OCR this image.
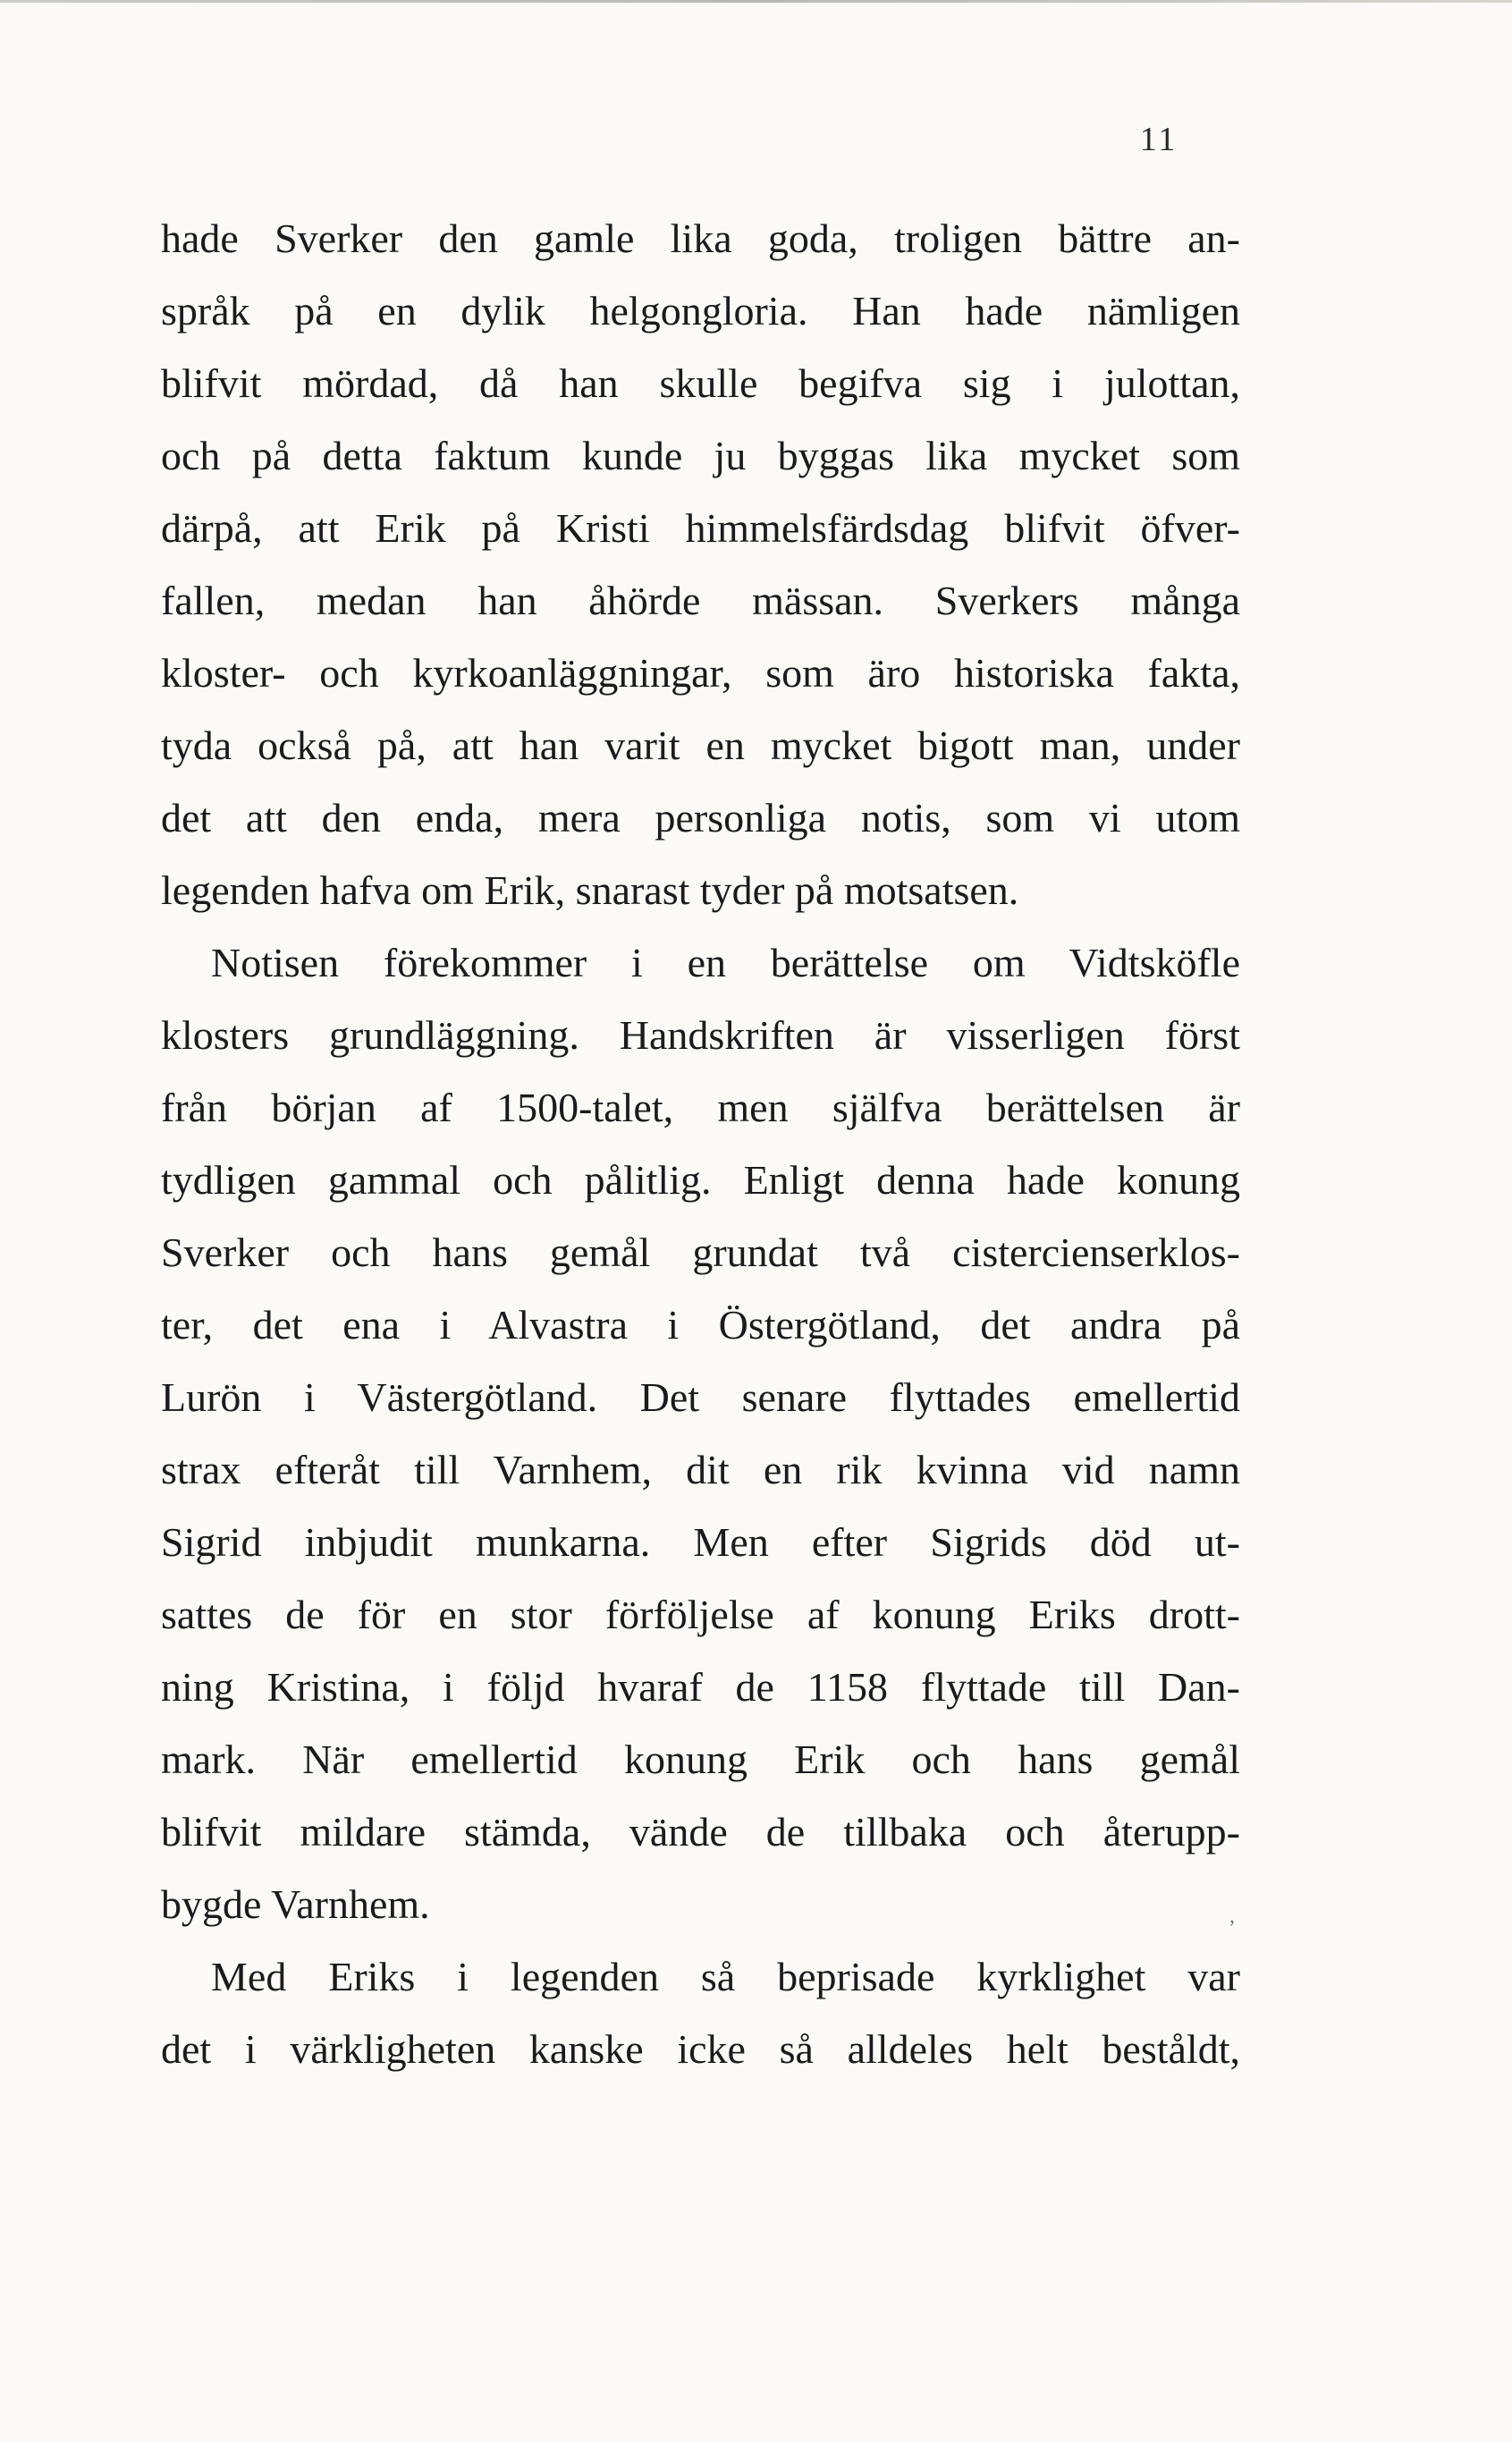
11
hade Sverker den gamle lika goda, troligen bättre an-
språk på en dylik helgongloria. Han hade nämligen
blifvit mördad, då han skulle begifva sig i julottan,
och på detta faktum kunde ju byggas lika mycket som
därpå, att Erik på Kristi himmelsfärdsdag blifvit öfver-
fallen, medan han åhörde mässan. Sverkers många
kloster- och kyrkoanläggningar, som äro historiska fakta,
tyda också på, att han varit en mycket bigott man, under
det att den enda, mera personliga notis, som vi utom
legenden hafva om Erik, snarast tyder på motsatsen.
Notisen förekommer i en berättelse om Vidtsköfle
klosters grundläggning. Handskriften är visserligen först
från början af 1500-talet, men själfva berättelsen är
tydligen gammal och pålitlig. Enligt denna hade konung
Sverker och hans gemål grundat två cistercienserklos-
ter, det ena i Alvastra i Östergötland, det andra på
Lurön i Västergötland. Det senare flyttades emellertid
strax efteråt till Varnhem, dit en rik kvinna vid namn
Sigrid inbjudit munkarna. Men efter Sigrids död ut-
sattes de för en stor förföljelse af konung Eriks drott-
ning Kristina, i följd hvaraf de 1158 flyttade till Dan-
mark. När emellertid konung Erik och hans gemål
blifvit mildare stämda, vände de tillbaka och återupp-
bygde Varnhem.
Med Eriks i legenden så beprisade kyrklighet var
det i värkligheten kanske icke så alldeles helt beståldt,
,
